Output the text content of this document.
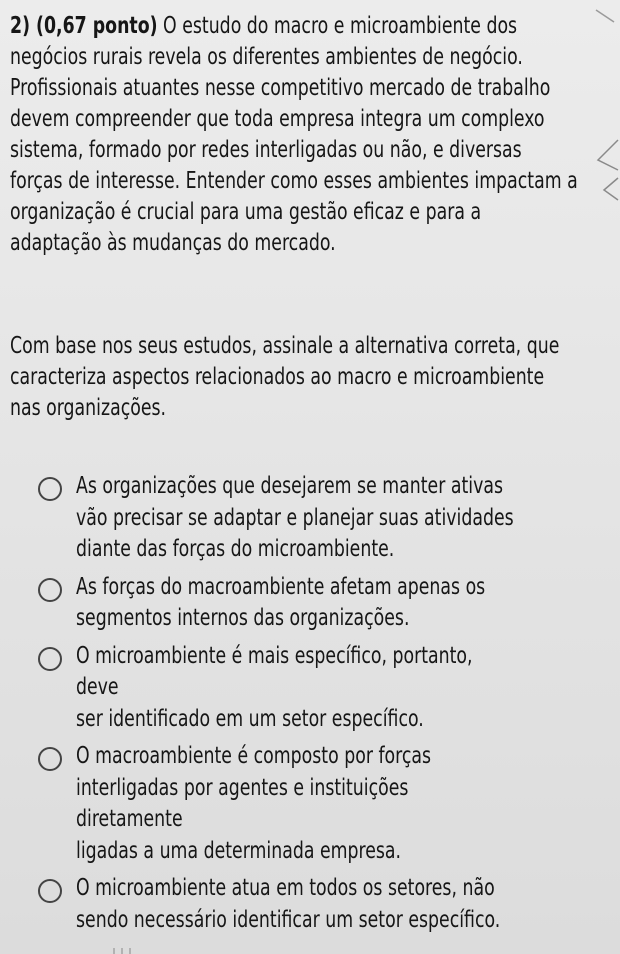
2) (0,67 ponto) O estudo do macro e microambiente dos

negócios rurais revela os diferentes ambientes de negócio.

Profissionais atuantes nesse competitivo mercado de trabalho

devem compreender que toda empresa integra um complexo

sistema, formado por redes interligadas ou não, e diversas

forças de interesse. Entender como esses ambientes impactam a

organização é crucial para uma gestão eficaz e para a

adaptação às mudanças do mercado.

Com base nos seus estudos, assinale a alternativa correta, que
caracteriza aspectos relacionados ao macro e microambiente
nas organizações.
As organizações que desejarem se manter ativas
vão precisar se adaptar e planejar suas atividades
diante das forças do microambiente.
As forças do macroambiente afetam apenas os
segmentos internos das organizações.
O microambiente é mais específico, portanto, deve
ser identificado em um setor específico.
O macroambiente é composto por forças
interligadas por agentes e instituições diretamente
ligadas a uma determinada empresa.
O microambiente atua em todos os setores, não
sendo necessário identificar um setor específico.
